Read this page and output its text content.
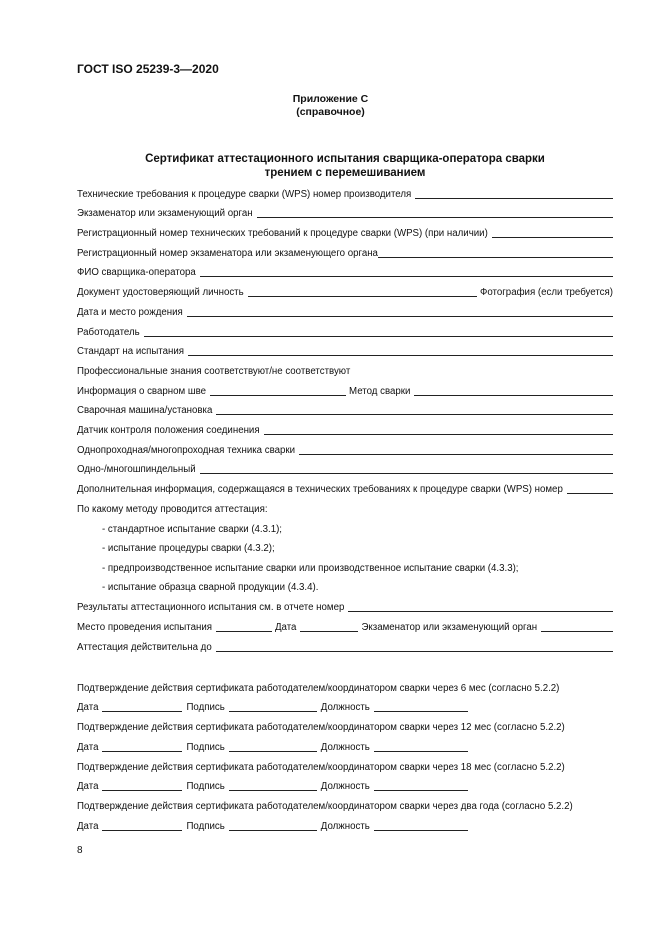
ГОСТ ISO 25239-3—2020
Приложение С
(справочное)
Сертификат аттестационного испытания сварщика-оператора сварки
трением с перемешиванием
Технические требования к процедуре сварки (WPS) номер производителя
Экзаменатор или экзаменующий орган
Регистрационный номер технических требований к процедуре сварки (WPS) (при наличии)
Регистрационный номер экзаменатора или экзаменующего органа
ФИО сварщика-оператора
Документ удостоверяющий личность	Фотография (если требуется)
Дата и место рождения
Работодатель
Стандарт на испытания
Профессиональные знания соответствуют/не соответствуют
Информация о сварном шве	Метод сварки
Сварочная машина/установка
Датчик контроля положения соединения
Однопроходная/многопроходная техника сварки
Одно-/многошпиндельный
Дополнительная информация, содержащаяся в технических требованиях к процедуре сварки (WPS) номер
По какому методу проводится аттестация:
- стандартное испытание сварки (4.3.1);
- испытание процедуры сварки (4.3.2);
- предпроизводственное испытание сварки или производственное испытание сварки (4.3.3);
- испытание образца сварной продукции (4.3.4).
Результаты аттестационного испытания см. в отчете номер
Место проведения испытания	Дата	Экзаменатор или экзаменующий орган
Аттестация действительна до
Подтверждение действия сертификата работодателем/координатором сварки через 6 мес (согласно 5.2.2)
Дата	Подпись	Должность
Подтверждение действия сертификата работодателем/координатором сварки через 12 мес (согласно 5.2.2)
Дата	Подпись	Должность
Подтверждение действия сертификата работодателем/координатором сварки через 18 мес (согласно 5.2.2)
Дата	Подпись	Должность
Подтверждение действия сертификата работодателем/координатором сварки через два года (согласно 5.2.2)
Дата	Подпись	Должность
8
